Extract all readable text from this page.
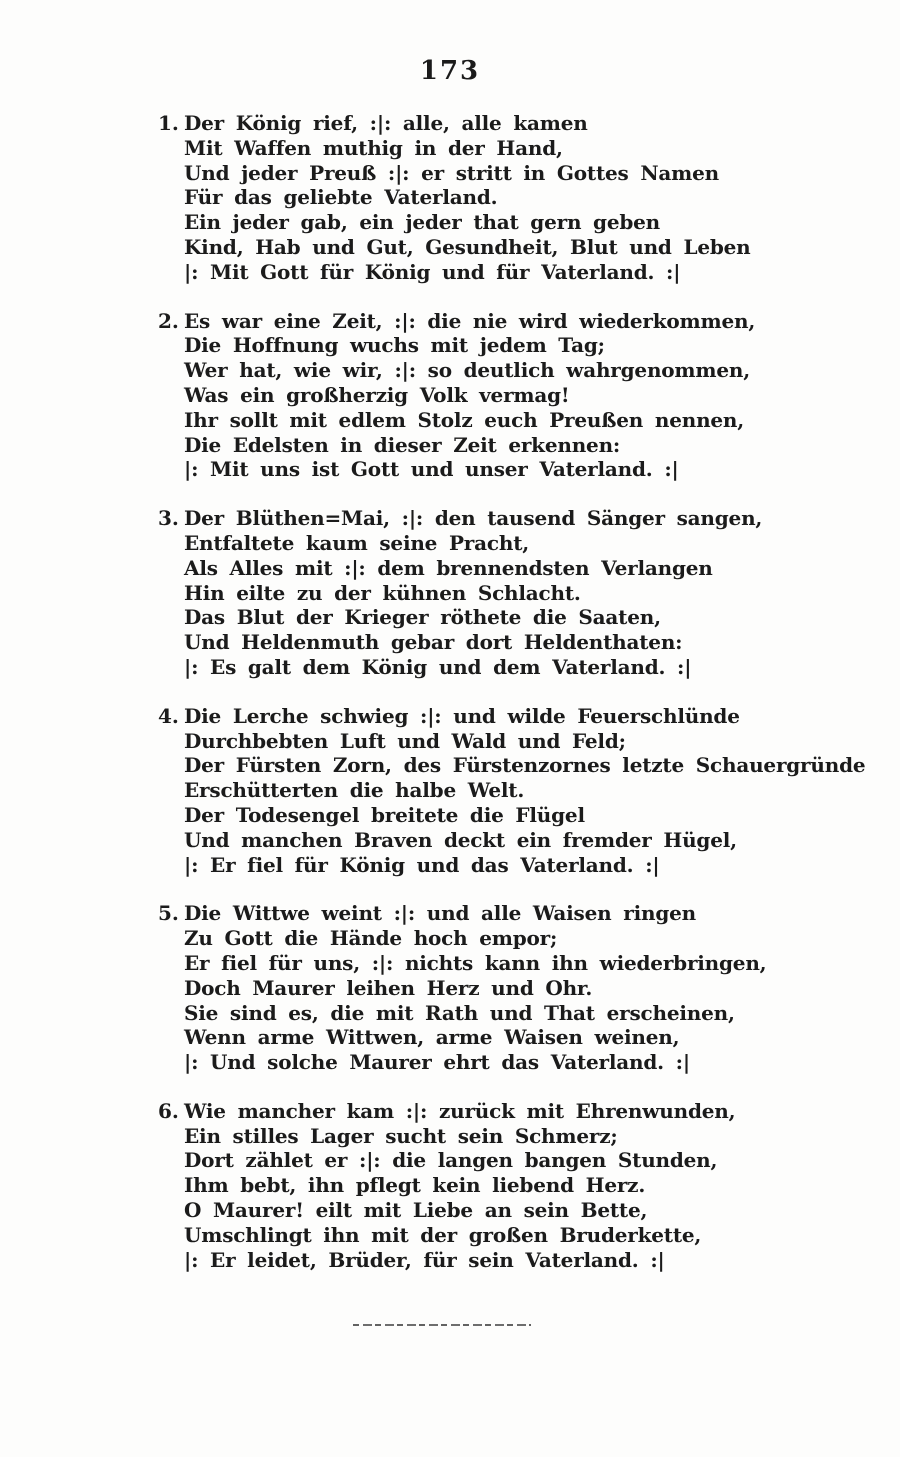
173
1. Der König rief, :|: alle, alle kamen
Mit Waffen muthig in der Hand,
Und jeder Preuß :|: er stritt in Gottes Namen
Für das geliebte Vaterland.
Ein jeder gab, ein jeder that gern geben
Kind, Hab und Gut, Gesundheit, Blut und Leben
|: Mit Gott für König und für Vaterland. :|
2. Es war eine Zeit, :|: die nie wird wiederkommen,
Die Hoffnung wuchs mit jedem Tag;
Wer hat, wie wir, :|: so deutlich wahrgenommen,
Was ein großherzig Volk vermag!
Ihr sollt mit edlem Stolz euch Preußen nennen,
Die Edelsten in dieser Zeit erkennen:
|: Mit uns ist Gott und unser Vaterland. :|
3. Der Blüthen=Mai, :|: den tausend Sänger sangen,
Entfaltete kaum seine Pracht,
Als Alles mit :|: dem brennendsten Verlangen
Hin eilte zu der kühnen Schlacht.
Das Blut der Krieger röthete die Saaten,
Und Heldenmuth gebar dort Heldenthaten:
|: Es galt dem König und dem Vaterland. :|
4. Die Lerche schwieg :|: und wilde Feuerschlünde
Durchbebten Luft und Wald und Feld;
Der Fürsten Zorn, des Fürstenzornes letzte Schauergründe
Erschütterten die halbe Welt.
Der Todesengel breitete die Flügel
Und manchen Braven deckt ein fremder Hügel,
|: Er fiel für König und das Vaterland. :|
5. Die Wittwe weint :|: und alle Waisen ringen
Zu Gott die Hände hoch empor;
Er fiel für uns, :|: nichts kann ihn wiederbringen,
Doch Maurer leihen Herz und Ohr.
Sie sind es, die mit Rath und That erscheinen,
Wenn arme Wittwen, arme Waisen weinen,
|: Und solche Maurer ehrt das Vaterland. :|
6. Wie mancher kam :|: zurück mit Ehrenwunden,
Ein stilles Lager sucht sein Schmerz;
Dort zählet er :|: die langen bangen Stunden,
Ihm bebt, ihn pflegt kein liebend Herz.
O Maurer! eilt mit Liebe an sein Bette,
Umschlingt ihn mit der großen Bruderkette,
|: Er leidet, Brüder, für sein Vaterland. :|
